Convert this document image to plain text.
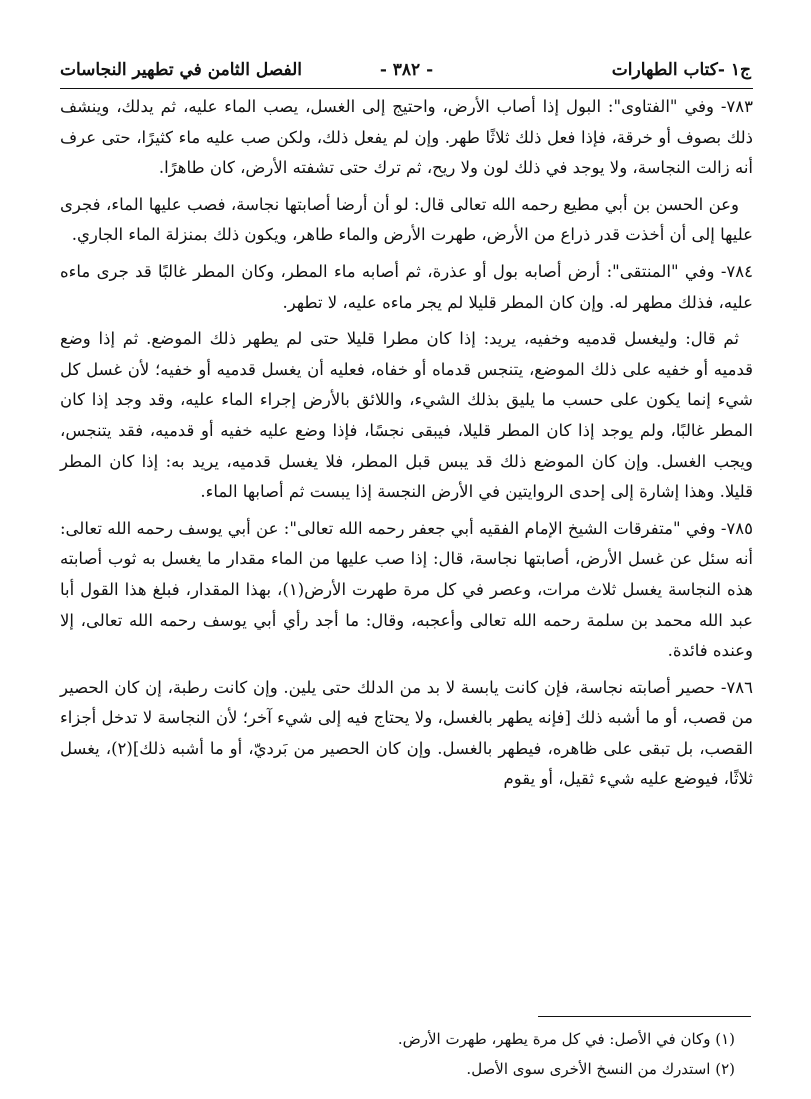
ج١ -كتاب الطهارات
- ٣٨٢ -
الفصل الثامن في تطهير النجاسات

٧٨٣- وفي "الفتاوى": البول إذا أصاب الأرض، واحتيج إلى الغسل، يصب الماء عليه، ثم يدلك، وينشف ذلك بصوف أو خرقة، فإذا فعل ذلك ثلاثًا طهر. وإن لم يفعل ذلك، ولكن صب عليه ماء كثيرًا، حتى عرف أنه زالت النجاسة، ولا يوجد في ذلك لون ولا ريح، ثم ترك حتى تشفته الأرض، كان طاهرًا.

وعن الحسن بن أبي مطيع رحمه الله تعالى قال: لو أن أرضا أصابتها نجاسة، فصب عليها الماء، فجرى عليها إلى أن أخذت قدر ذراع من الأرض، طهرت الأرض والماء طاهر، ويكون ذلك بمنزلة الماء الجاري.

٧٨٤- وفي "المنتقى": أرض أصابه بول أو عذرة، ثم أصابه ماء المطر، وكان المطر غالبًا قد جرى ماءه عليه، فذلك مطهر له. وإن كان المطر قليلا لم يجر ماءه عليه، لا تطهر.

ثم قال: وليغسل قدميه وخفيه، يريد: إذا كان مطرا قليلا حتى لم يطهر ذلك الموضع. ثم إذا وضع قدميه أو خفيه على ذلك الموضع، يتنجس قدماه أو خفاه، فعليه أن يغسل قدميه أو خفيه؛ لأن غسل كل شيء إنما يكون على حسب ما يليق بذلك الشيء، واللائق بالأرض إجراء الماء عليه، وقد وجد إذا كان المطر غالبًا، ولم يوجد إذا كان المطر قليلا، فيبقى نجسًا، فإذا وضع عليه خفيه أو قدميه، فقد يتنجس، ويجب الغسل. وإن كان الموضع ذلك قد يبس قبل المطر، فلا يغسل قدميه، يريد به: إذا كان المطر قليلا. وهذا إشارة إلى إحدى الروايتين في الأرض النجسة إذا يبست ثم أصابها الماء.

٧٨٥- وفي "متفرقات الشيخ الإمام الفقيه أبي جعفر رحمه الله تعالى": عن أبي يوسف رحمه الله تعالى: أنه سئل عن غسل الأرض، أصابتها نجاسة، قال: إذا صب عليها من الماء مقدار ما يغسل به ثوب أصابته هذه النجاسة يغسل ثلاث مرات، وعصر في كل مرة طهرت الأرض(١)، بهذا المقدار، فبلغ هذا القول أبا عبد الله محمد بن سلمة رحمه الله تعالى وأعجبه، وقال: ما أجد رأي أبي يوسف رحمه الله تعالى، إلا وعنده فائدة.

٧٨٦- حصير أصابته نجاسة، فإن كانت يابسة لا بد من الدلك حتى يلين. وإن كانت رطبة، إن كان الحصير من قصب، أو ما أشبه ذلك [فإنه يطهر بالغسل، ولا يحتاج فيه إلى شيء آخر؛ لأن النجاسة لا تدخل أجزاء القصب، بل تبقى على ظاهره، فيطهر بالغسل. وإن كان الحصير من بَرديّ، أو ما أشبه ذلك](٢)، يغسل ثلاثًا، فيوضع عليه شيء ثقيل، أو يقوم

(١) وكان في الأصل: في كل مرة يطهر، طهرت الأرض.

(٢) استدرك من النسخ الأخرى سوى الأصل.
